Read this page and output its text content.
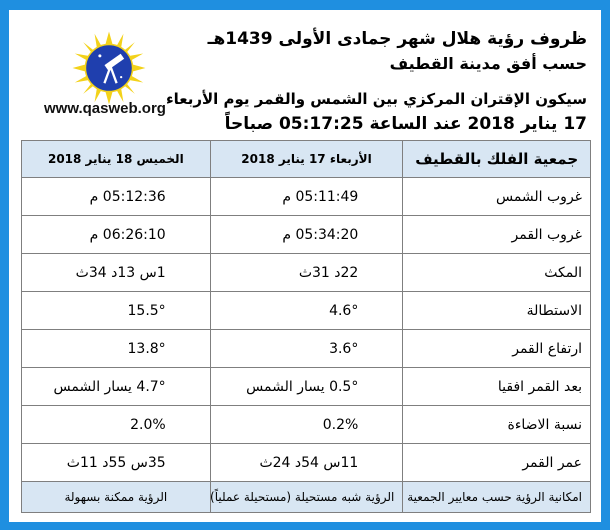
www.qasweb.org
ظروف رؤية هلال شهر جمادى الأولى 1439هـ
حسب أفق مدينة القطيف
سيكون الإقتران المركزي بين الشمس والقمر يوم الأربعاء
17 يناير 2018 عند الساعة 05:17:25 صباحاً
جمعية الفلك بالقطيف	الأربعاء 17 يناير 2018	الخميس 18 يناير 2018
غروب الشمس	05:11:49 م	05:12:36 م
غروب القمر	05:34:20 م	06:26:10 م
المكث	22د 31ث	1س 13د 34ث
الاستطالة	4.6°	15.5°
ارتفاع القمر	3.6°	13.8°
بعد القمر افقيا	0.5° يسار الشمس	4.7° يسار الشمس
نسبة الاضاءة	0.2%	2.0%
عمر القمر	11س 54د 24ث	35س 55د 11ث
امكانية الرؤية حسب معايير الجمعية	الرؤية شبه مستحيلة (مستحيلة عملياً)	الرؤية ممكنة بسهولة
